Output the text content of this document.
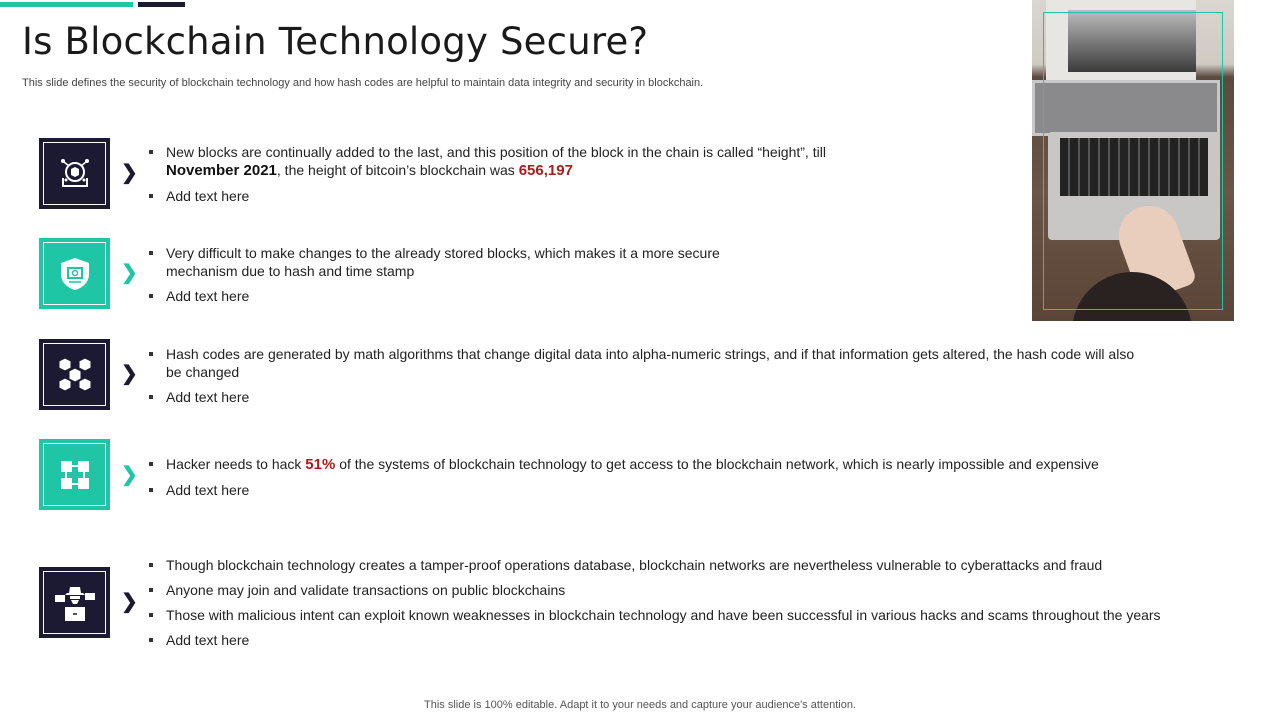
Is Blockchain Technology Secure?
This slide defines the security of blockchain technology and how hash codes are helpful to maintain data integrity and security in blockchain.
❯
New blocks are continually added to the last, and this position of the block in the chain is called “height”, till November 2021, the height of bitcoin’s blockchain was 656,197
Add text here
❯
Very difficult to make changes to the already stored blocks, which makes it a more secure mechanism due to hash and time stamp
Add text here
❯
Hash codes are generated by math algorithms that change digital data into alpha-numeric strings, and if that information gets altered, the hash code will also be changed
Add text here
❯	Hacker needs to hack 51% of the systems of blockchain technology to get access to the blockchain network, which is nearly impossible and expensive
Add text here
❯
Though blockchain technology creates a tamper-proof operations database, blockchain networks are nevertheless vulnerable to cyberattacks and fraud
Anyone may join and validate transactions on public blockchains
Those with malicious intent can exploit known weaknesses in blockchain technology and have been successful in various hacks and scams throughout the years
Add text here
This slide is 100% editable. Adapt it to your needs and capture your audience's attention.
